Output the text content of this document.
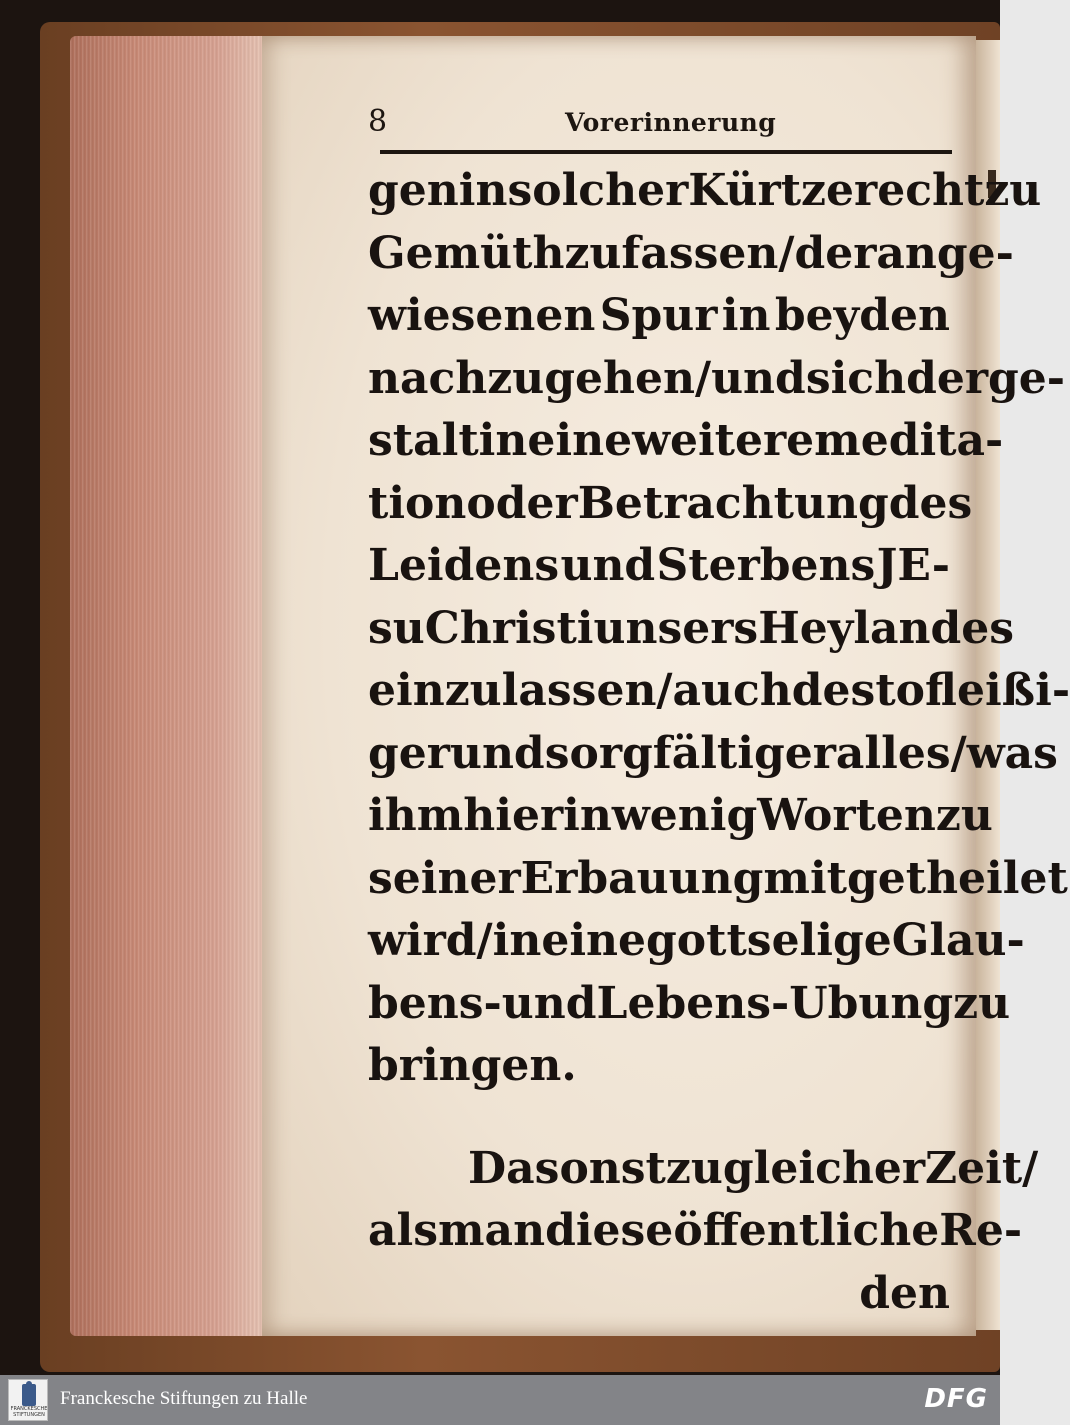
8	Vorerinnerung
gen in solcher Kürtze recht zu
Gemüth zufassen/ der ange-
wiesenen Spur in beyden
nachzugehen/ und sich derge-
stalt in eine weitere medita-
tion oder Betrachtung des
Leidens und Sterbens JE-
su Christi unsers Heylandes
einzulassen/ auch desto fleißi-
ger und sorgfältiger alles/ was
ihm hier in wenig Worten zu
seiner Erbauung mitgetheilet
wird/ in eine gottselige Glau-
bens- und Lebens- Ubung zu
bringen.
Da sonst zu gleicher Zeit/
als man diese öffentliche Re-
den
FRANCKESCHE STIFTUNGEN
Franckesche Stiftungen zu Halle	DFG
